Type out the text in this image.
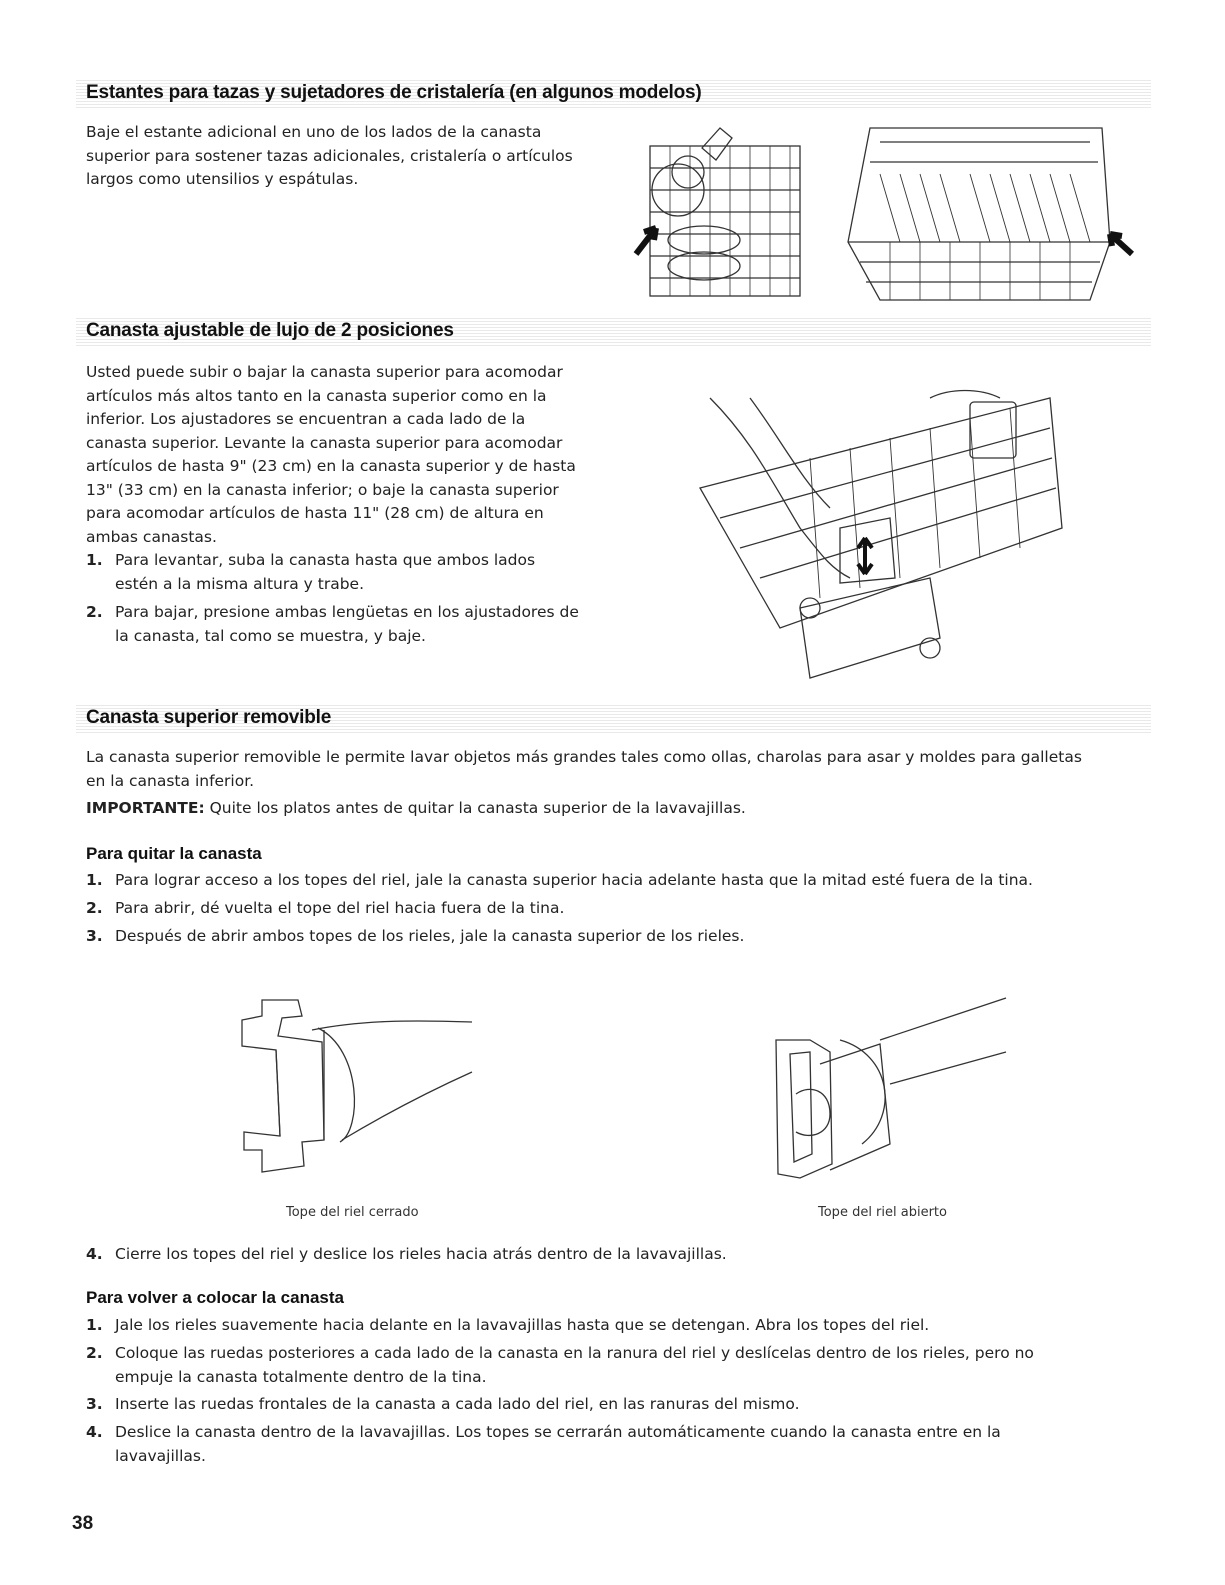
Estantes para tazas y sujetadores de cristalería (en algunos modelos)
Baje el estante adicional en uno de los lados de la canasta
superior para sostener tazas adicionales, cristalería o artículos
largos como utensilios y espátulas.
Canasta ajustable de lujo de 2 posiciones
Usted puede subir o bajar la canasta superior para acomodar
artículos más altos tanto en la canasta superior como en la
inferior. Los ajustadores se encuentran a cada lado de la
canasta superior. Levante la canasta superior para acomodar
artículos de hasta 9" (23 cm) en la canasta superior y de hasta
13" (33 cm) en la canasta inferior; o baje la canasta superior
para acomodar artículos de hasta 11" (28 cm) de altura en
ambas canastas.
1. Para levantar, suba la canasta hasta que ambos lados
estén a la misma altura y trabe.
2. Para bajar, presione ambas lengüetas en los ajustadores de
la canasta, tal como se muestra, y baje.
Canasta superior removible
La canasta superior removible le permite lavar objetos más grandes tales como ollas, charolas para asar y moldes para galletas
en la canasta inferior.
IMPORTANTE: Quite los platos antes de quitar la canasta superior de la lavavajillas.
Para quitar la canasta
1. Para lograr acceso a los topes del riel, jale la canasta superior hacia adelante hasta que la mitad esté fuera de la tina.
2. Para abrir, dé vuelta el tope del riel hacia fuera de la tina.
3. Después de abrir ambos topes de los rieles, jale la canasta superior de los rieles.
Tope del riel cerrado	Tope del riel abierto
4. Cierre los topes del riel y deslice los rieles hacia atrás dentro de la lavavajillas.
Para volver a colocar la canasta
1. Jale los rieles suavemente hacia delante en la lavavajillas hasta que se detengan. Abra los topes del riel.
2. Coloque las ruedas posteriores a cada lado de la canasta en la ranura del riel y deslícelas dentro de los rieles, pero no
empuje la canasta totalmente dentro de la tina.
3. Inserte las ruedas frontales de la canasta a cada lado del riel, en las ranuras del mismo.
4. Deslice la canasta dentro de la lavavajillas. Los topes se cerrarán automáticamente cuando la canasta entre en la
lavavajillas.
38
